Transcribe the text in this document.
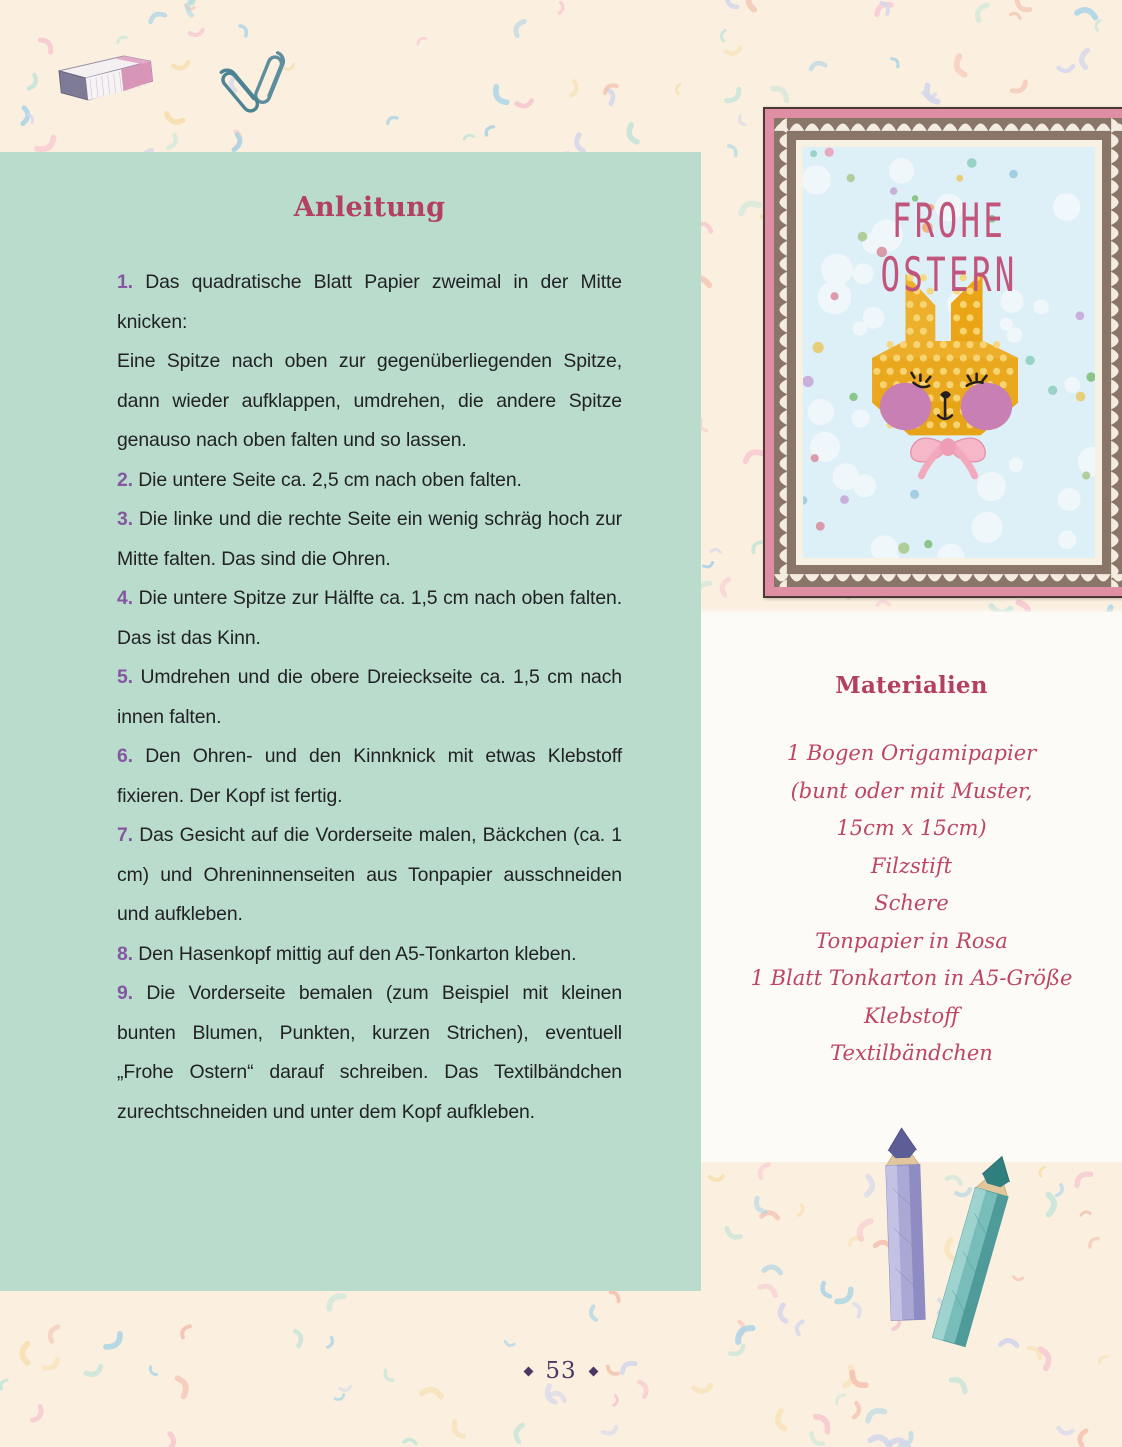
Anleitung

1. Das quadratische Blatt Papier zweimal in der Mitte knicken:

Eine Spitze nach oben zur gegenüberliegenden Spitze, dann wieder aufklappen, umdrehen, die andere Spitze genauso nach oben falten und so lassen.

2. Die untere Seite ca. 2,5 cm nach oben falten.

3. Die linke und die rechte Seite ein wenig schräg hoch zur Mitte falten. Das sind die Ohren.

4. Die untere Spitze zur Hälfte ca. 1,5 cm nach oben falten. Das ist das Kinn.

5. Umdrehen und die obere Dreieckseite ca. 1,5 cm nach innen falten.

6. Den Ohren- und den Kinnknick mit etwas Klebstoff fixieren. Der Kopf ist fertig.

7. Das Gesicht auf die Vorderseite malen, Bäckchen (ca. 1 cm) und Ohreninnenseiten aus Tonpapier ausschneiden und aufkleben.

8. Den Hasenkopf mittig auf den A5-Tonkarton kleben.

9. Die Vorderseite bemalen (zum Beispiel mit kleinen bunten Blumen, Punkten, kurzen Strichen), eventuell „Frohe Ostern“ darauf schreiben. Das Textilbändchen zurechtschneiden und unter dem Kopf aufkleben.

FROHE OSTERN
Materialien
1 Bogen Origamipapier
(bunt oder mit Muster,
15cm x 15cm)
Filzstift
Schere
Tonpapier in Rosa
1 Blatt Tonkarton in A5-Größe
Klebstoff
Textilbändchen
53
